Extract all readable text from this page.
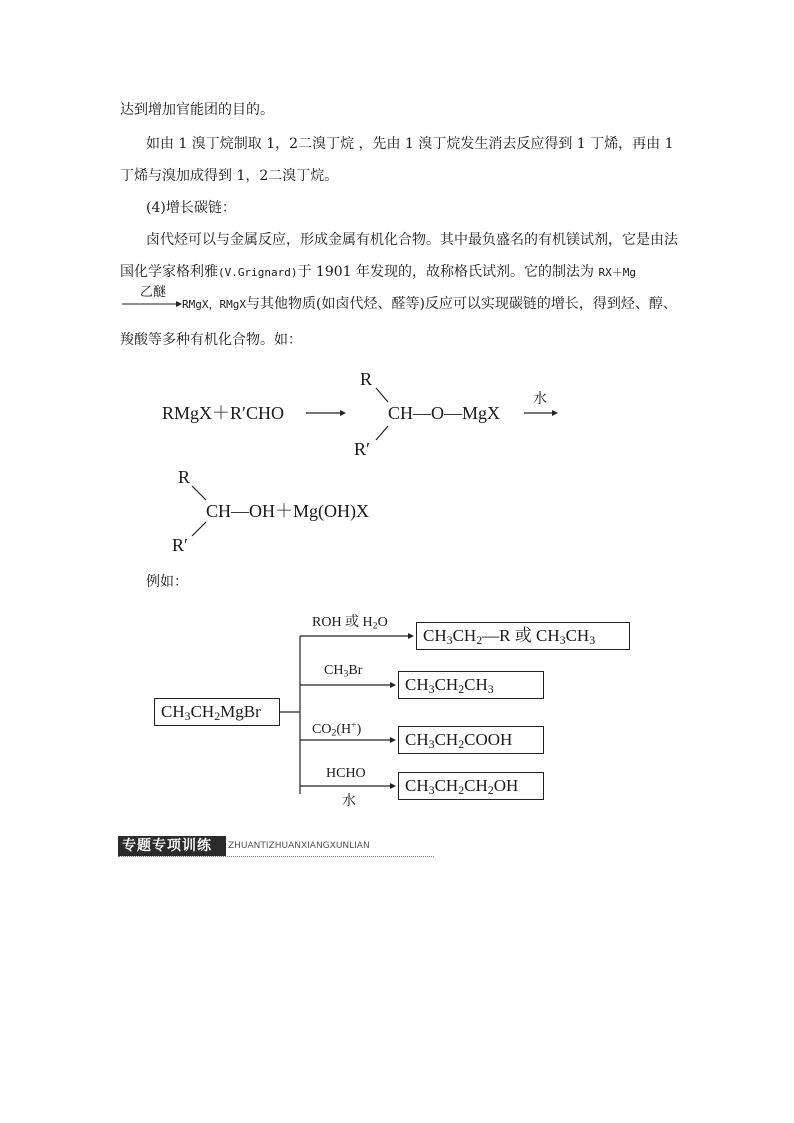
达到增加官能团的目的。
如由 1 溴丁烷制取 1，2二溴丁烷 ，先由 1 溴丁烷发生消去反应得到 1 丁烯，再由 1
丁烯与溴加成得到 1，2二溴丁烷。
(4)增长碳链：
卤代烃可以与金属反应，形成金属有机化合物。其中最负盛名的有机镁试剂，它是由法
国化学家格利雅(V.Grignard)于 1901 年发现的，故称格氏试剂。它的制法为 RX＋Mg
乙醚
RMgX，RMgX与其他物质(如卤代烃、醛等)反应可以实现碳链的增长，得到烃、醇、
羧酸等多种有机化合物。如：
RMgX＋R′CHO
R
R′
CH—O—MgX
水
R
R′
CH—OH＋Mg(OH)X
例如：
$CH_3CH_2MgBr$
ROH 或 $H_2O$
$CH_3CH_2—R$ 或 $CH_3CH_3$
$CH_3Br$
$CH_3CH_2CH_3$
$CO_2(H^+)$
$CH_3CH_2COOH$
HCHO
水
$CH_3CH_2CH_2OH$
专题专项训练	ZHUANTIZHUANXIANGXUNLIAN
